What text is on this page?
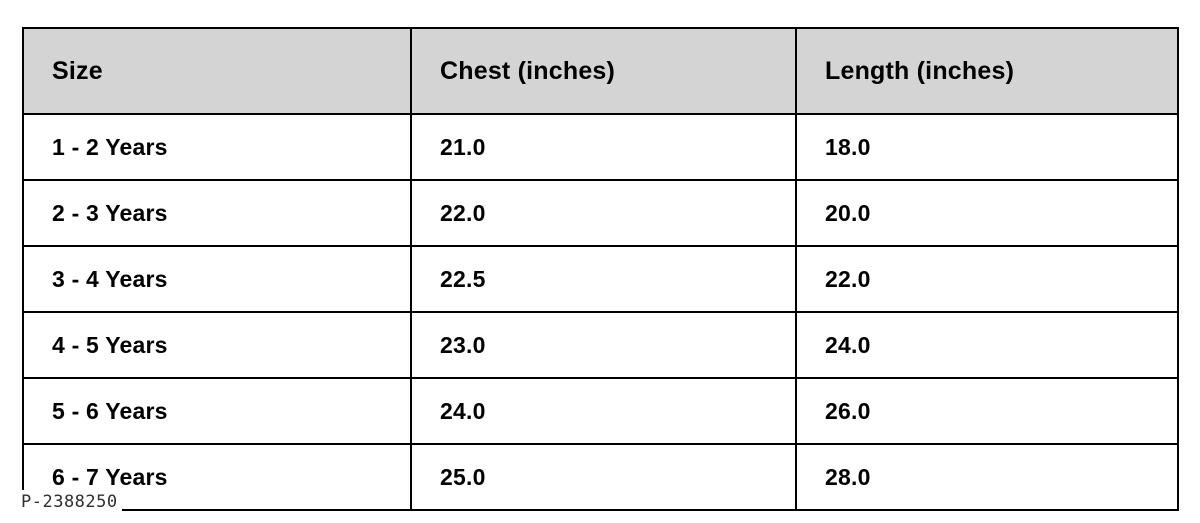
Size	Chest (inches)	Length (inches)
1 - 2 Years	21.0	18.0
2 - 3 Years	22.0	20.0
3 - 4 Years	22.5	22.0
4 - 5 Years	23.0	24.0
5 - 6 Years	24.0	26.0
6 - 7 Years	25.0	28.0
P-2388250
